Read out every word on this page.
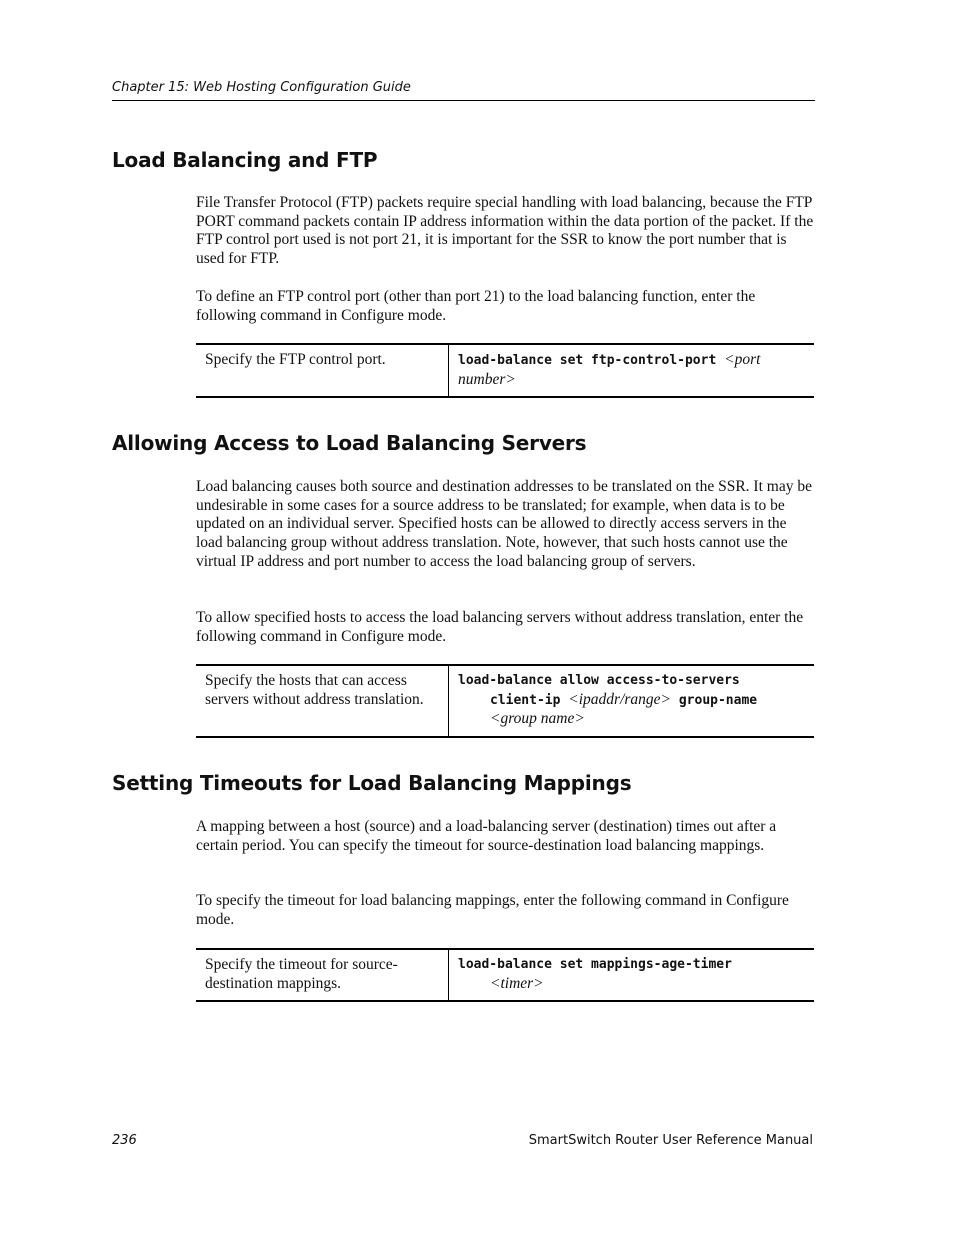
Chapter 15: Web Hosting Configuration Guide
Load Balancing and FTP

File Transfer Protocol (FTP) packets require special handling with load balancing, because the FTP PORT command packets contain IP address information within the data portion of the packet. If the FTP control port used is not port 21, it is important for the SSR to know the port number that is used for FTP.

To define an FTP control port (other than port 21) to the load balancing function, enter the following command in Configure mode.

Specify the FTP control port.	load-balance set ftp-control-port <port number>
Allowing Access to Load Balancing Servers

Load balancing causes both source and destination addresses to be translated on the SSR. It may be undesirable in some cases for a source address to be translated; for example, when data is to be updated on an individual server. Specified hosts can be allowed to directly access servers in the load balancing group without address translation. Note, however, that such hosts cannot use the virtual IP address and port number to access the load balancing group of servers.

To allow specified hosts to access the load balancing servers without address translation, enter the following command in Configure mode.

Specify the hosts that can access servers without address translation.	load-balance allow access-to-servers
client-ip <ipaddr/range> group-name
<group name>
Setting Timeouts for Load Balancing Mappings

A mapping between a host (source) and a load-balancing server (destination) times out after a certain period. You can specify the timeout for source-destination load balancing mappings.

To specify the timeout for load balancing mappings, enter the following command in Configure mode.

Specify the timeout for source-destination mappings.	load-balance set mappings-age-timer
<timer>
236	SmartSwitch Router User Reference Manual
